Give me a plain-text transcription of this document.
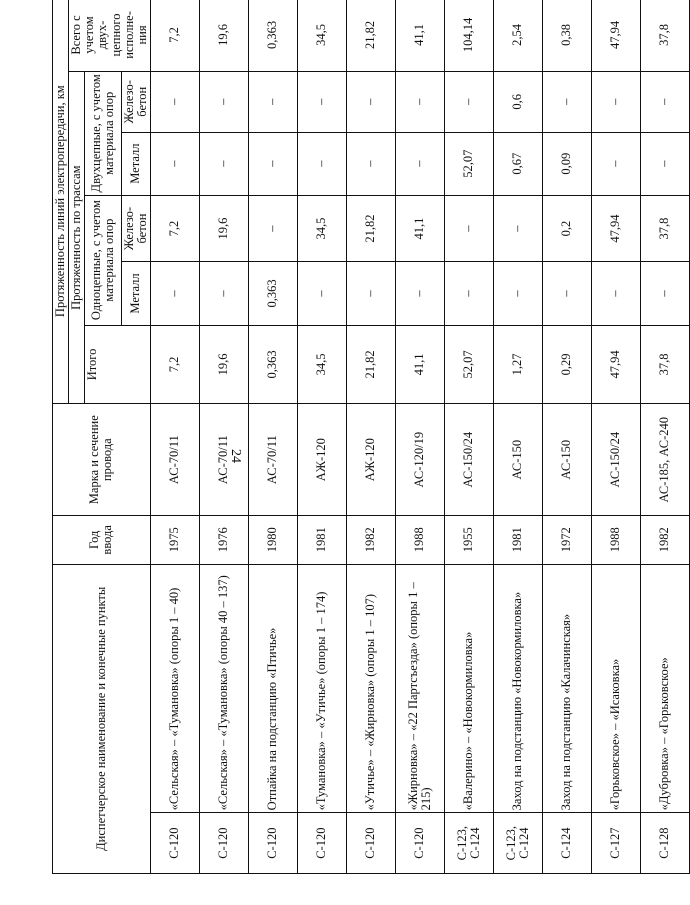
24
Диспетчерское наименование и конечные пункты		Год ввода	Марка и сечение провода	Протяженность линий электропередачи, км					
				Протяженность по трассам					Всего с учетом двух- цепного исполне- ния
				Итого	Одноцепные, с учетом материала опор		Двухцепные, с учетом материала опор		
					Металл	Железо- бетон	Металл	Железо- бетон	
С-120	«Сельская» – «Тумановка» (опоры 1 – 40)	1975	АС-70/11	7,2	–	7,2	–	–	7,2
С-120	«Сельская» – «Тумановка» (опоры 40 – 137)	1976	АС-70/11	19,6	–	19,6	–	–	19,6
С-120	Отпайка на подстанцию «Птичье»	1980	АС-70/11	0,363	0,363	–	–	–	0,363
С-120	«Тумановка» – «Утичье» (опоры 1 – 174)	1981	АЖ-120	34,5	–	34,5	–	–	34,5
С-120	«Утичье» – «Жирновка» (опоры 1 – 107)	1982	АЖ-120	21,82	–	21,82	–	–	21,82
С-120	«Жирновка» – «22 Партсъезда» (опоры 1 – 215)	1988	АС-120/19	41,1	–	41,1	–	–	41,1
С-123, С-124	«Валерино» – «Новокормиловка»	1955	АС-150/24	52,07	–	–	52,07	–	104,14
С-123, С-124	Заход на подстанцию «Новокормиловка»	1981	АС-150	1,27	–	–	0,67	0,6	2,54
С-124	Заход на подстанцию «Калачинская»	1972	АС-150	0,29	–	0,2	0,09	–	0,38
С-127	«Горьковское» – «Исаковка»	1988	АС-150/24	47,94	–	47,94	–	–	47,94
С-128	«Дубровка» – «Горьковское»	1982	АС-185, АС-240	37,8	–	37,8	–	–	37,8
